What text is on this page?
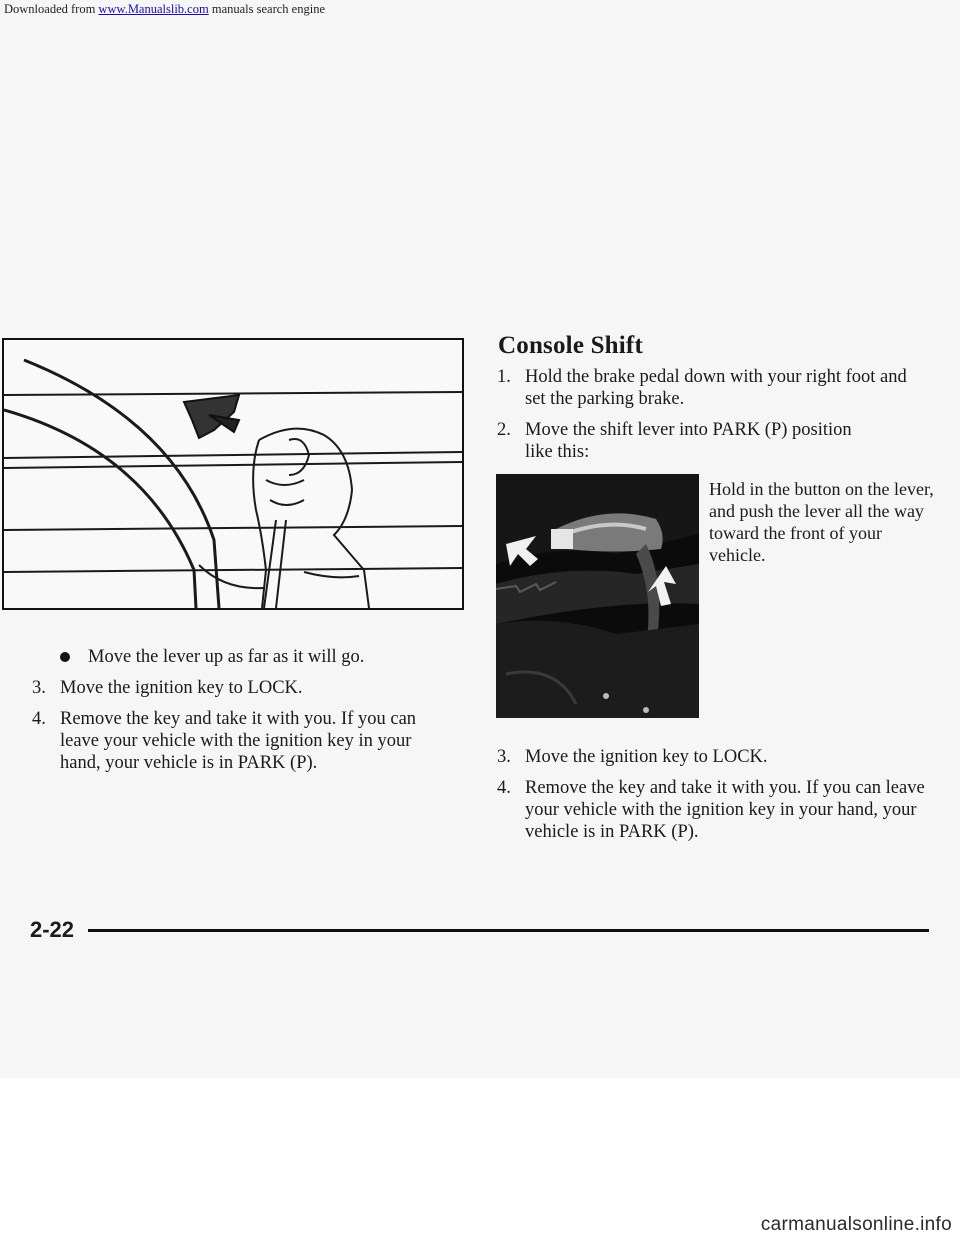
Downloaded from www.Manualslib.com manuals search engine
Move the lever up as far as it will go.
3. Move the ignition key to LOCK.
4. Remove the key and take it with you. If you can leave your vehicle with the ignition key in your hand, your vehicle is in PARK (P).
Console Shift
1. Hold the brake pedal down with your right foot and set the parking brake.
2. Move the shift lever into PARK (P) position like this:
Hold in the button on the lever, and push the lever all the way toward the front of your vehicle.
3. Move the ignition key to LOCK.
4. Remove the key and take it with you. If you can leave your vehicle with the ignition key in your hand, your vehicle is in PARK (P).
2-22
carmanualsonline.info
